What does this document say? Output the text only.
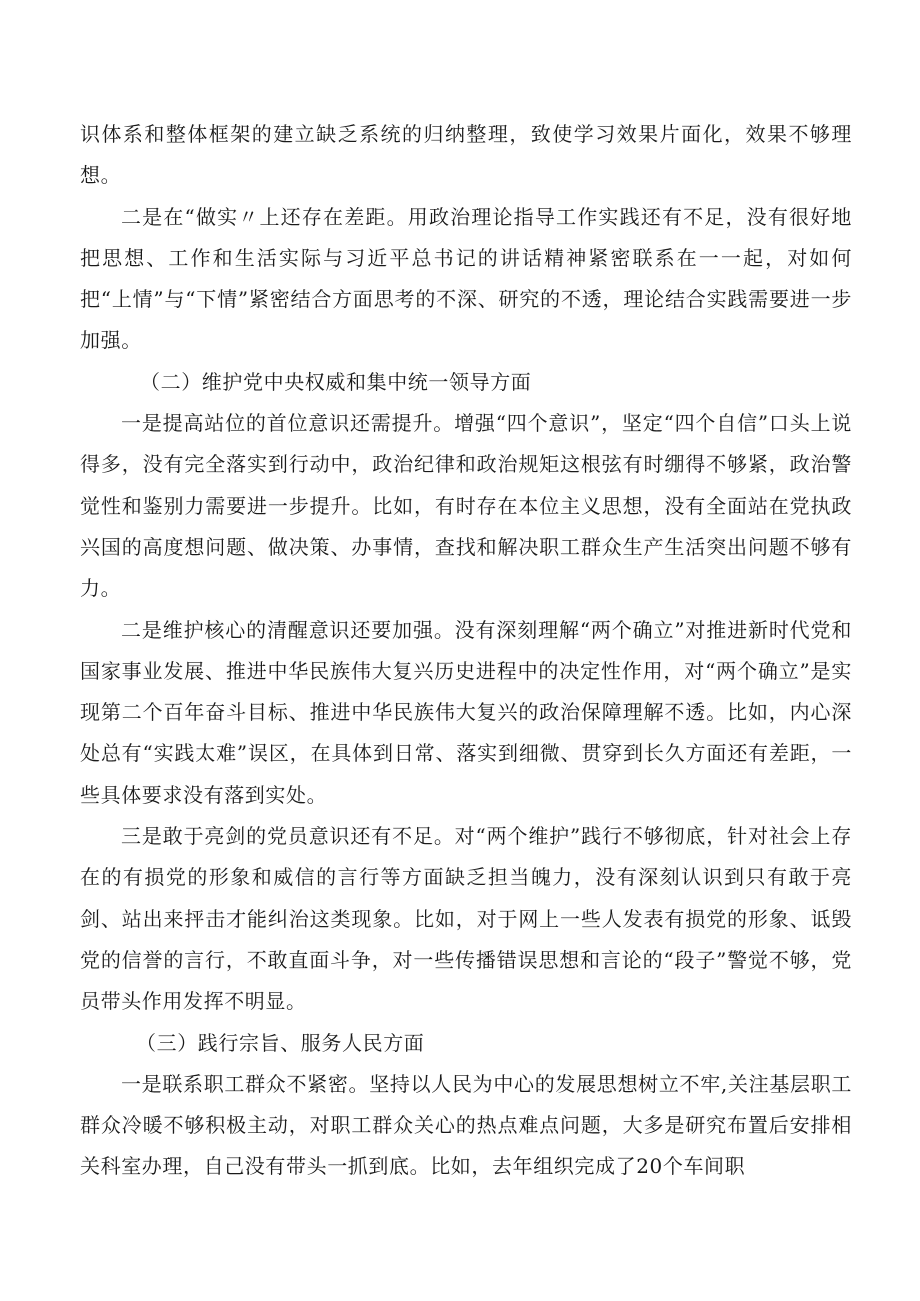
识体系和整体框架的建立缺乏系统的归纳整理，致使学习效果片面化，效果不够理想。

二是在“做实〃上还存在差距。用政治理论指导工作实践还有不足，没有很好地把思想、工作和生活实际与习近平总书记的讲话精神紧密联系在一一起，对如何把“上情”与“下情”紧密结合方面思考的不深、研究的不透，理论结合实践需要进一步加强。

（二）维护党中央权威和集中统一领导方面

一是提高站位的首位意识还需提升。增强“四个意识”，坚定“四个自信”口头上说得多，没有完全落实到行动中，政治纪律和政治规矩这根弦有时绷得不够紧，政治警觉性和鉴别力需要进一步提升。比如，有时存在本位主义思想，没有全面站在党执政兴国的高度想问题、做决策、办事情，查找和解决职工群众生产生活突出问题不够有力。

二是维护核心的清醒意识还要加强。没有深刻理解“两个确立”对推进新时代党和国家事业发展、推进中华民族伟大复兴历史进程中的决定性作用，对“两个确立”是实现第二个百年奋斗目标、推进中华民族伟大复兴的政治保障理解不透。比如，内心深处总有“实践太难”误区，在具体到日常、落实到细微、贯穿到长久方面还有差距，一些具体要求没有落到实处。

三是敢于亮剑的党员意识还有不足。对“两个维护”践行不够彻底，针对社会上存在的有损党的形象和威信的言行等方面缺乏担当魄力，没有深刻认识到只有敢于亮剑、站出来抨击才能纠治这类现象。比如，对于网上一些人发表有损党的形象、诋毁党的信誉的言行，不敢直面斗争，对一些传播错误思想和言论的“段子”警觉不够，党员带头作用发挥不明显。

（三）践行宗旨、服务人民方面

一是联系职工群众不紧密。坚持以人民为中心的发展思想树立不牢,关注基层职工群众冷暖不够积极主动，对职工群众关心的热点难点问题，大多是研究布置后安排相关科室办理，自己没有带头一抓到底。比如，去年组织完成了20个车间职
